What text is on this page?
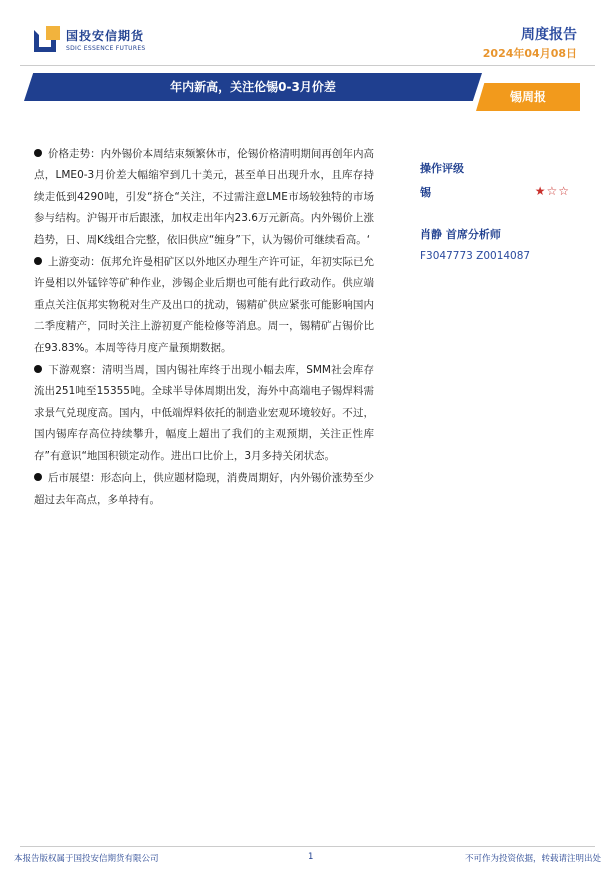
国投安信期货
SDIC ESSENCE FUTURES
周度报告
2024年04月08日
年内新高，关注伦锡0-3月价差
锡周报

价格走势：内外锡价本周结束频繁休市，伦锡价格清明期间再创年内高点，LME0-3月价差大幅缩窄到几十美元，甚至单日出现升水，且库存持续走低到4290吨，引发“挤仓“关注，不过需注意LME市场较独特的市场参与结构。沪锡开市后跟涨，加权走出年内23.6万元新高。内外锡价上涨趋势，日、周K线组合完整，依旧供应“缠身”下，认为锡价可继续看高。‘

上游变动：佤邦允许曼相矿区以外地区办理生产许可证，年初实际已允许曼相以外锰锌等矿种作业，涉锡企业后期也可能有此行政动作。供应端重点关注佤邦实物税对生产及出口的扰动，锡精矿供应紧张可能影响国内二季度精产，同时关注上游初夏产能检修等消息。周一，锡精矿占锡价比在93.83%。本周等待月度产量预期数据。

下游观察：清明当周，国内锡社库终于出现小幅去库，SMM社会库存流出251吨至15355吨。全球半导体周期出发，海外中高端电子锡焊料需求景气兑现度高。国内，中低端焊料依托的制造业宏观环境较好。不过，国内锡库存高位持续攀升，幅度上超出了我们的主观预期，关注正性库存”有意识“地国积锁定动作。进出口比价上，3月多持关闭状态。

后市展望：形态向上，供应题材隐现，消费周期好，内外锡价涨势至少超过去年高点，多单持有。

操作评级
锡	★☆☆
肖静 首席分析师
F3047773 Z0014087
本报告版权属于国投安信期货有限公司	1	不可作为投资依据，转载请注明出处
